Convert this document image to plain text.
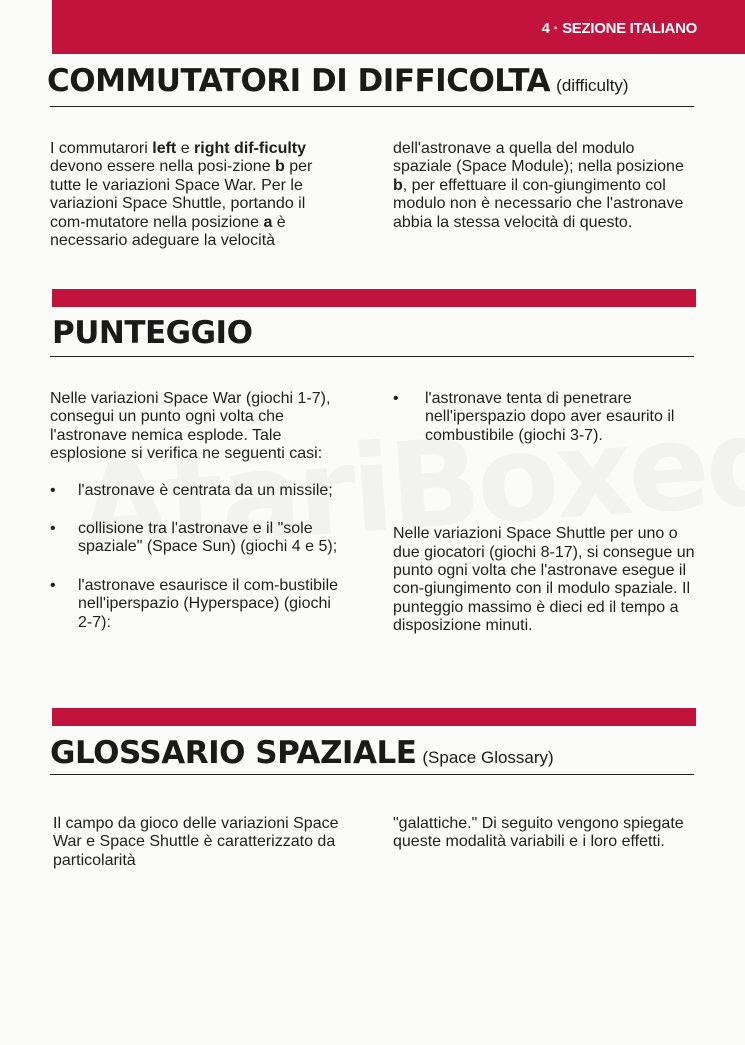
4 · SEZIONE ITALIANO
COMMUTATORI DI DIFFICOLTA (difficulty)

I commutarori left e right dif-ficulty devono essere nella posi-zione b per tutte le variazioni Space War. Per le variazioni Space Shuttle, portando il com-mutatore nella posizione a è necessario adeguare la velocità

dell'astronave a quella del modulo spaziale (Space Module); nella posizione b, per effettuare il con-giungimento col modulo non è necessario che l'astronave abbia la stessa velocità di questo.

PUNTEGGIO

Nelle variazioni Space War (giochi 1-7), consegui un punto ogni volta che l'astronave nemica esplode. Tale esplosione si verifica ne seguenti casi:

• l'astronave è centrata da un missile;
• collisione tra l'astronave e il "sole spaziale" (Space Sun) (giochi 4 e 5);
• l'astronave esaurisce il com-bustibile nell'iperspazio (Hyperspace) (giochi 2-7):
• l'astronave tenta di penetrare nell'iperspazio dopo aver esaurito il combustibile (giochi 3-7).

Nelle variazioni Space Shuttle per uno o due giocatori (giochi 8-17), si consegue un punto ogni volta che l'astronave esegue il con-giungimento con il modulo spaziale. Il punteggio massimo è dieci ed il tempo a disposizione minuti.

GLOSSARIO SPAZIALE (Space Glossary)

Il campo da gioco delle variazioni Space War e Space Shuttle è caratterizzato da particolarità

"galattiche." Di seguito vengono spiegate queste modalità variabili e i loro effetti.
